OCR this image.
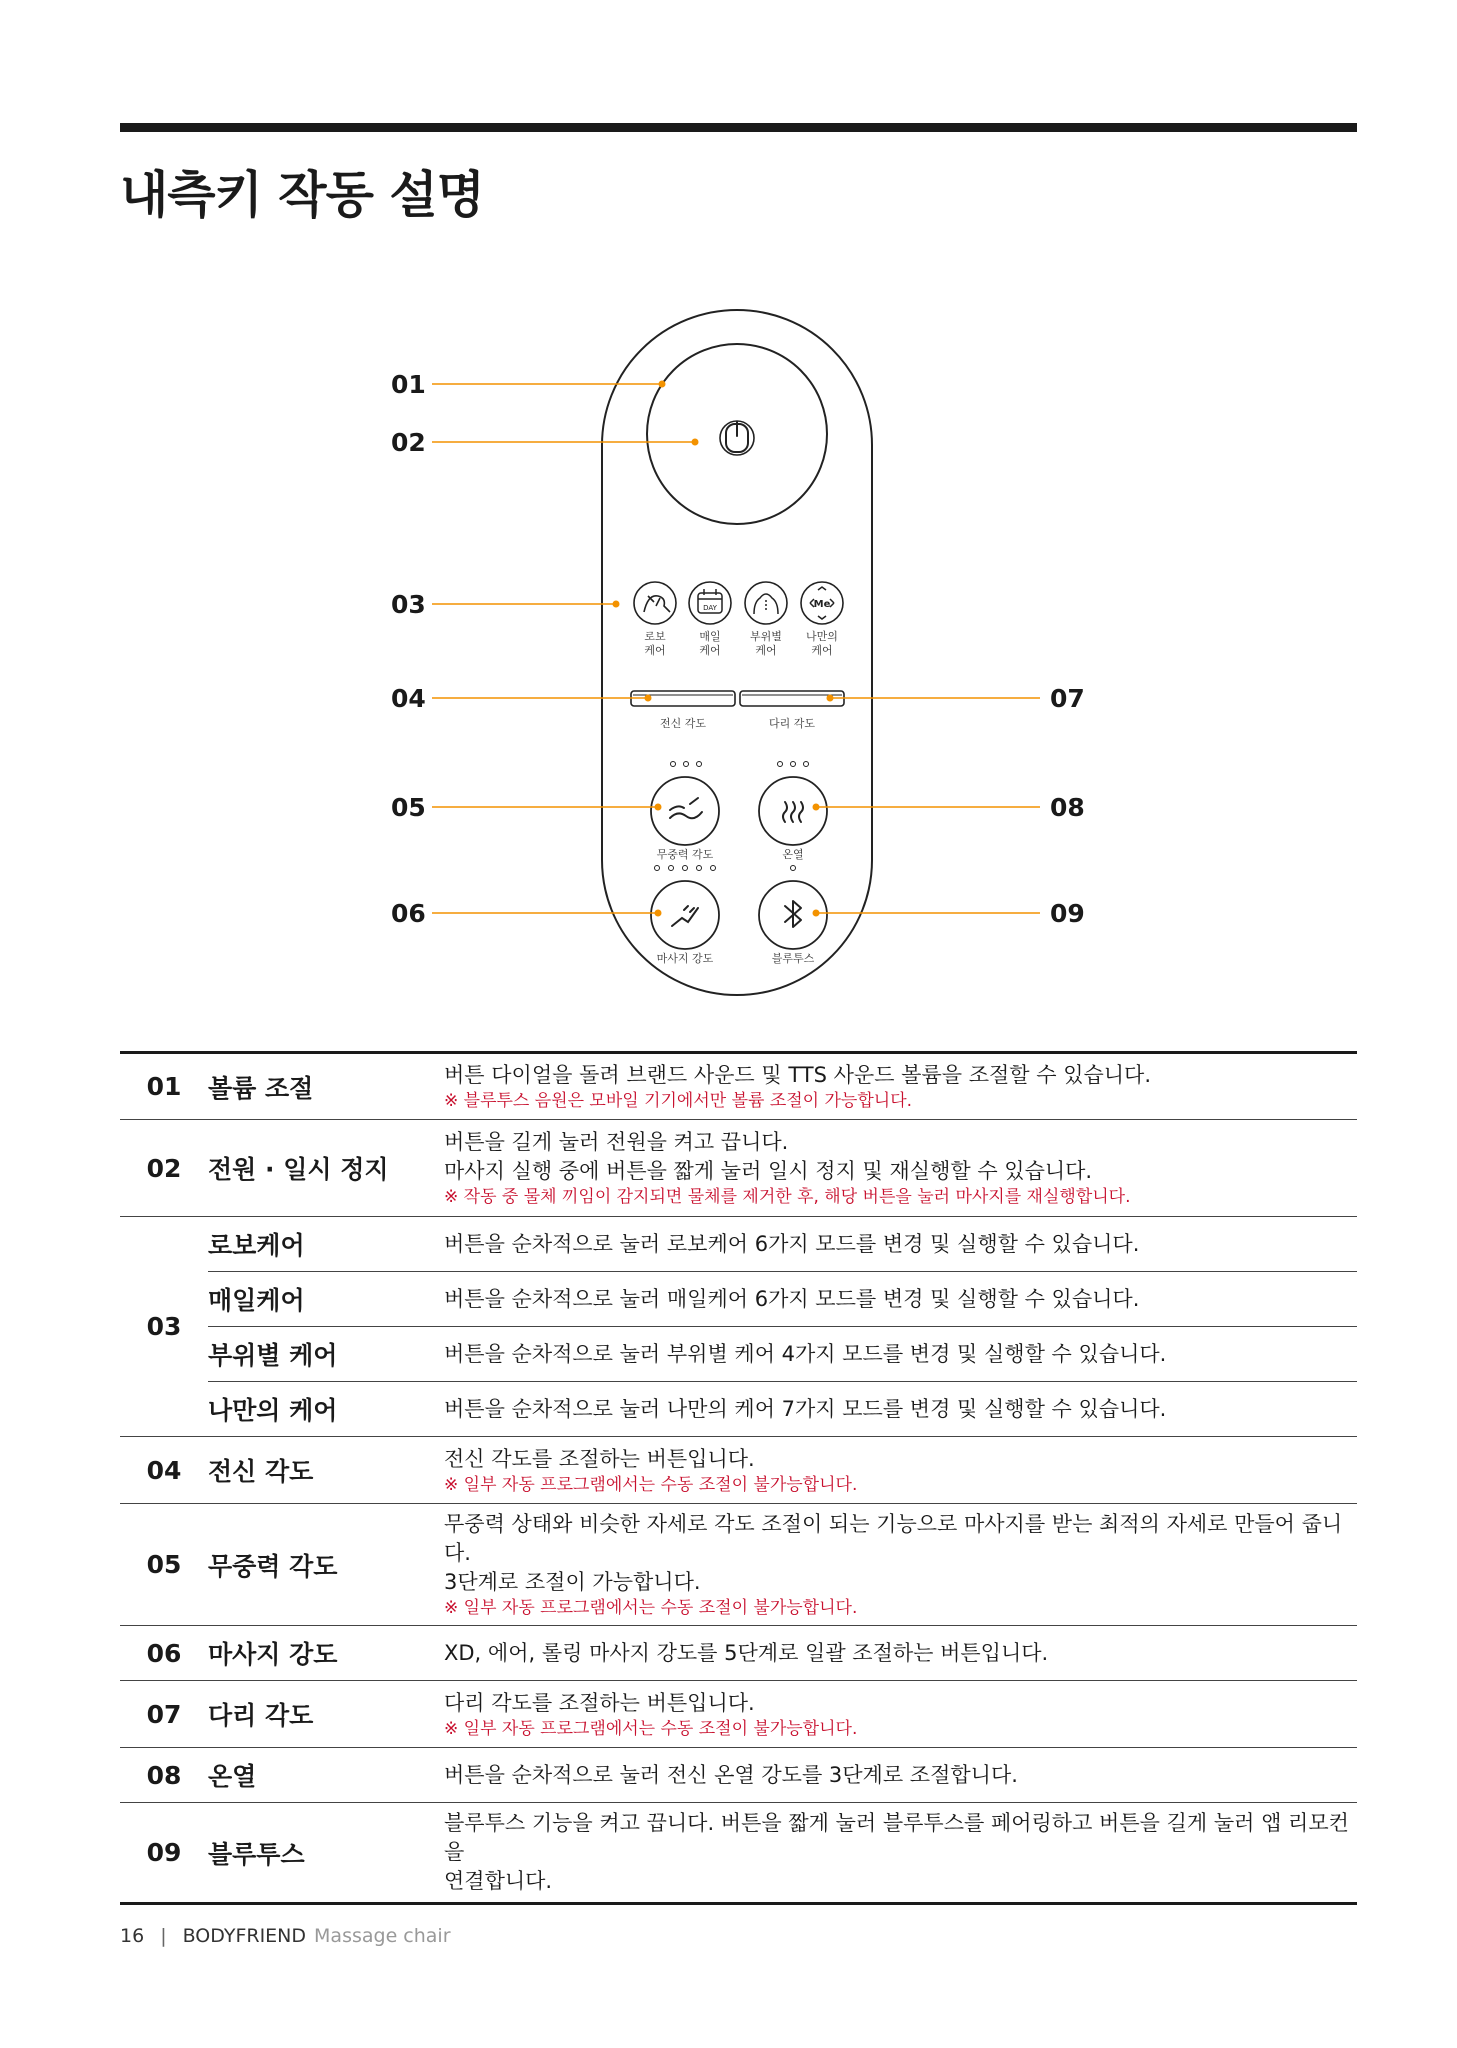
내측키 작동 설명
DAY	Me
01
02
03
04
05
06
07
08
09
로보
케어
매일
케어
부위별
케어
나만의
케어
전신 각도	다리 각도
무중력 각도	온열
마사지 강도	블루투스
01	볼륨 조절	버튼 다이얼을 돌려 브랜드 사운드 및 TTS 사운드 볼륨을 조절할 수 있습니다.
※ 블루투스 음원은 모바일 기기에서만 볼륨 조절이 가능합니다.

02	전원 · 일시 정지	버튼을 길게 눌러 전원을 켜고 끕니다.
마사지 실행 중에 버튼을 짧게 눌러 일시 정지 및 재실행할 수 있습니다.
※ 작동 중 물체 끼임이 감지되면 물체를 제거한 후, 해당 버튼을 눌러 마사지를 재실행합니다.

03	로보케어	버튼을 순차적으로 눌러 로보케어 6가지 모드를 변경 및 실행할 수 있습니다.

	매일케어	버튼을 순차적으로 눌러 매일케어 6가지 모드를 변경 및 실행할 수 있습니다.

	부위별 케어	버튼을 순차적으로 눌러 부위별 케어 4가지 모드를 변경 및 실행할 수 있습니다.

	나만의 케어	버튼을 순차적으로 눌러 나만의 케어 7가지 모드를 변경 및 실행할 수 있습니다.

04	전신 각도	전신 각도를 조절하는 버튼입니다.
※ 일부 자동 프로그램에서는 수동 조절이 불가능합니다.

05	무중력 각도	무중력 상태와 비슷한 자세로 각도 조절이 되는 기능으로 마사지를 받는 최적의 자세로 만들어 줍니다.
3단계로 조절이 가능합니다.
※ 일부 자동 프로그램에서는 수동 조절이 불가능합니다.

06	마사지 강도	XD, 에어, 롤링 마사지 강도를 5단계로 일괄 조절하는 버튼입니다.

07	다리 각도	다리 각도를 조절하는 버튼입니다.
※ 일부 자동 프로그램에서는 수동 조절이 불가능합니다.

08	온열	버튼을 순차적으로 눌러 전신 온열 강도를 3단계로 조절합니다.

09	블루투스	블루투스 기능을 켜고 끕니다. 버튼을 짧게 눌러 블루투스를 페어링하고 버튼을 길게 눌러 앱 리모컨을
연결합니다.
16 | BODYFRIEND Massage chair
